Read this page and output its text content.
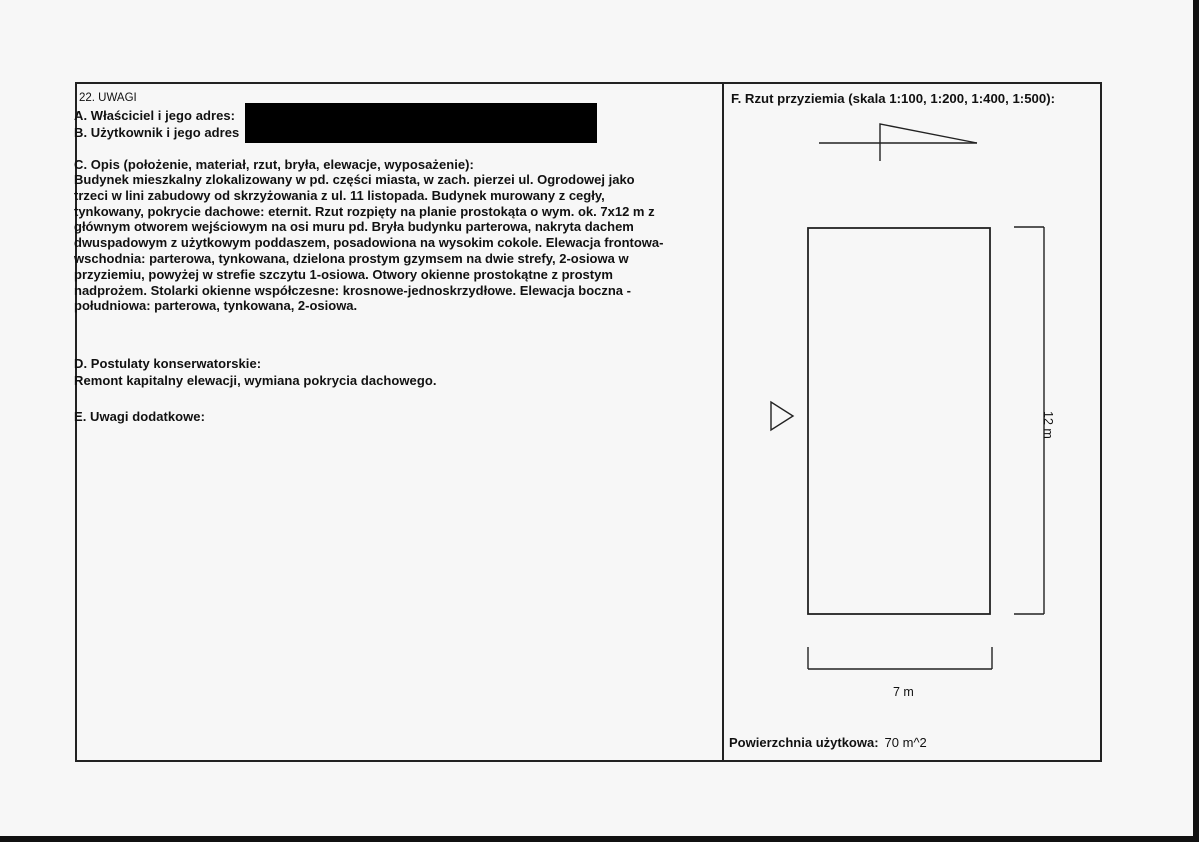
22. UWAGI
A. Właściciel i jego adres:
B. Użytkownik i jego adres
C. Opis (położenie, materiał, rzut, bryła, elewacje, wyposażenie):
Budynek mieszkalny zlokalizowany w pd. części miasta, w zach. pierzei ul. Ogrodowej jako
trzeci w lini zabudowy od skrzyżowania z ul. 11 listopada. Budynek murowany z cegły,
tynkowany, pokrycie dachowe: eternit. Rzut rozpięty na planie prostokąta o wym. ok. 7x12 m z
głównym otworem wejściowym na osi muru pd. Bryła budynku parterowa, nakryta dachem
dwuspadowym z użytkowym poddaszem, posadowiona na wysokim cokole. Elewacja frontowa-
wschodnia: parterowa, tynkowana, dzielona prostym gzymsem na dwie strefy, 2-osiowa w
przyziemiu, powyżej w strefie szczytu 1-osiowa. Otwory okienne prostokątne z prostym
nadprożem. Stolarki okienne współczesne: krosnowe-jednoskrzydłowe. Elewacja boczna -
południowa: parterowa, tynkowana, 2-osiowa.
D. Postulaty konserwatorskie:
Remont kapitalny elewacji, wymiana pokrycia dachowego.
E. Uwagi dodatkowe:
F. Rzut przyziemia (skala 1:100, 1:200, 1:400, 1:500):
12 m
7 m
Powierzchnia użytkowa: 70 m^2
